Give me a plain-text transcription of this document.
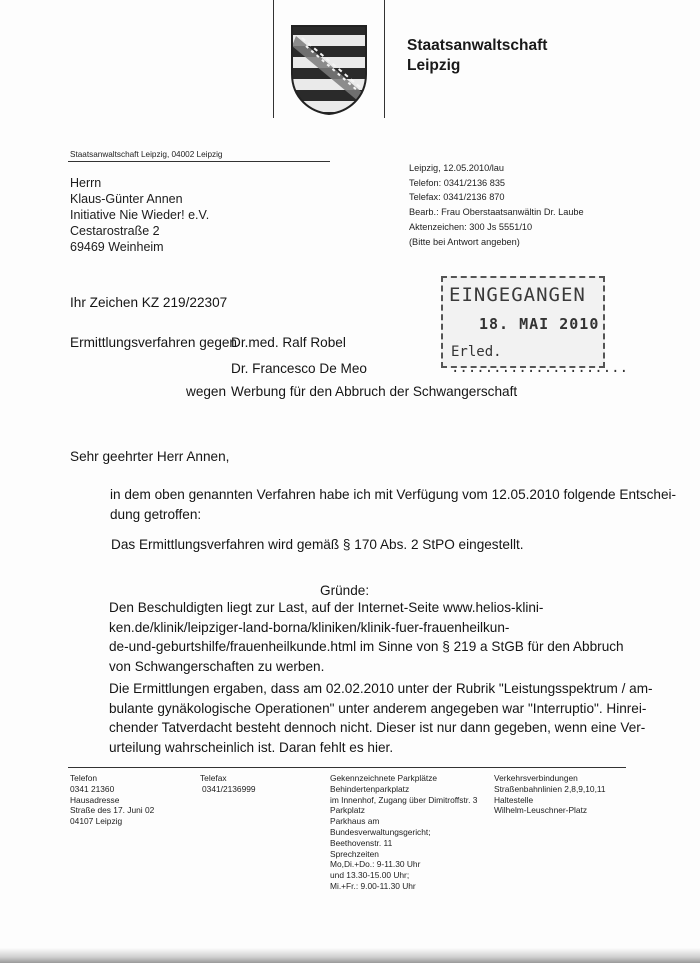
Staatsanwaltschaft
Leipzig
Staatsanwaltschaft Leipzig, 04002 Leipzig
Herrn
Klaus-Günter Annen
Initiative Nie Wieder! e.V.
Cestarostraße 2
69469 Weinheim
Leipzig, 12.05.2010/lau
Telefon: 0341/2136 835
Telefax: 0341/2136 870
Bearb.: Frau Oberstaatsanwältin Dr. Laube
Aktenzeichen: 300 Js 5551/10
(Bitte bei Antwort angeben)
EINGEGANGEN
18. MAI 2010
Erled. .....................
Ihr Zeichen KZ 219/22307
Ermittlungsverfahren gegen
Dr.med. Ralf Robel
Dr. Francesco De Meo
wegen Werbung für den Abbruch der Schwangerschaft
Sehr geehrter Herr Annen,
in dem oben genannten Verfahren habe ich mit Verfügung vom 12.05.2010 folgende Entschei-
dung getroffen:
Das Ermittlungsverfahren wird gemäß § 170 Abs. 2 StPO eingestellt.
Gründe:
Den Beschuldigten liegt zur Last, auf der Internet-Seite www.helios-klini-
ken.de/klinik/leipziger-land-borna/kliniken/klinik-fuer-frauenheilkun-
de-und-geburtshilfe/frauenheilkunde.html im Sinne von § 219 a StGB für den Abbruch
von Schwangerschaften zu werben.
Die Ermittlungen ergaben, dass am 02.02.2010 unter der Rubrik "Leistungsspektrum / am-
bulante gynäkologische Operationen" unter anderem angegeben war "Interruptio". Hinrei-
chender Tatverdacht besteht dennoch nicht. Dieser ist nur dann gegeben, wenn eine Ver-
urteilung wahrscheinlich ist. Daran fehlt es hier.
Telefon
0341 21360
Hausadresse
Straße des 17. Juni 02
04107 Leipzig
Telefax
0341/2136999
Gekennzeichnete Parkplätze
Behindertenparkplatz
im Innenhof, Zugang über Dimitroffstr. 3
Parkplatz
Parkhaus am
Bundesverwaltungsgericht;
Beethovenstr. 11
Sprechzeiten
Mo,Di.+Do.: 9-11.30 Uhr
und 13.30-15.00 Uhr;
Mi.+Fr.: 9.00-11.30 Uhr
Verkehrsverbindungen
Straßenbahnlinien 2,8,9,10,11
Haltestelle
Wilhelm-Leuschner-Platz
